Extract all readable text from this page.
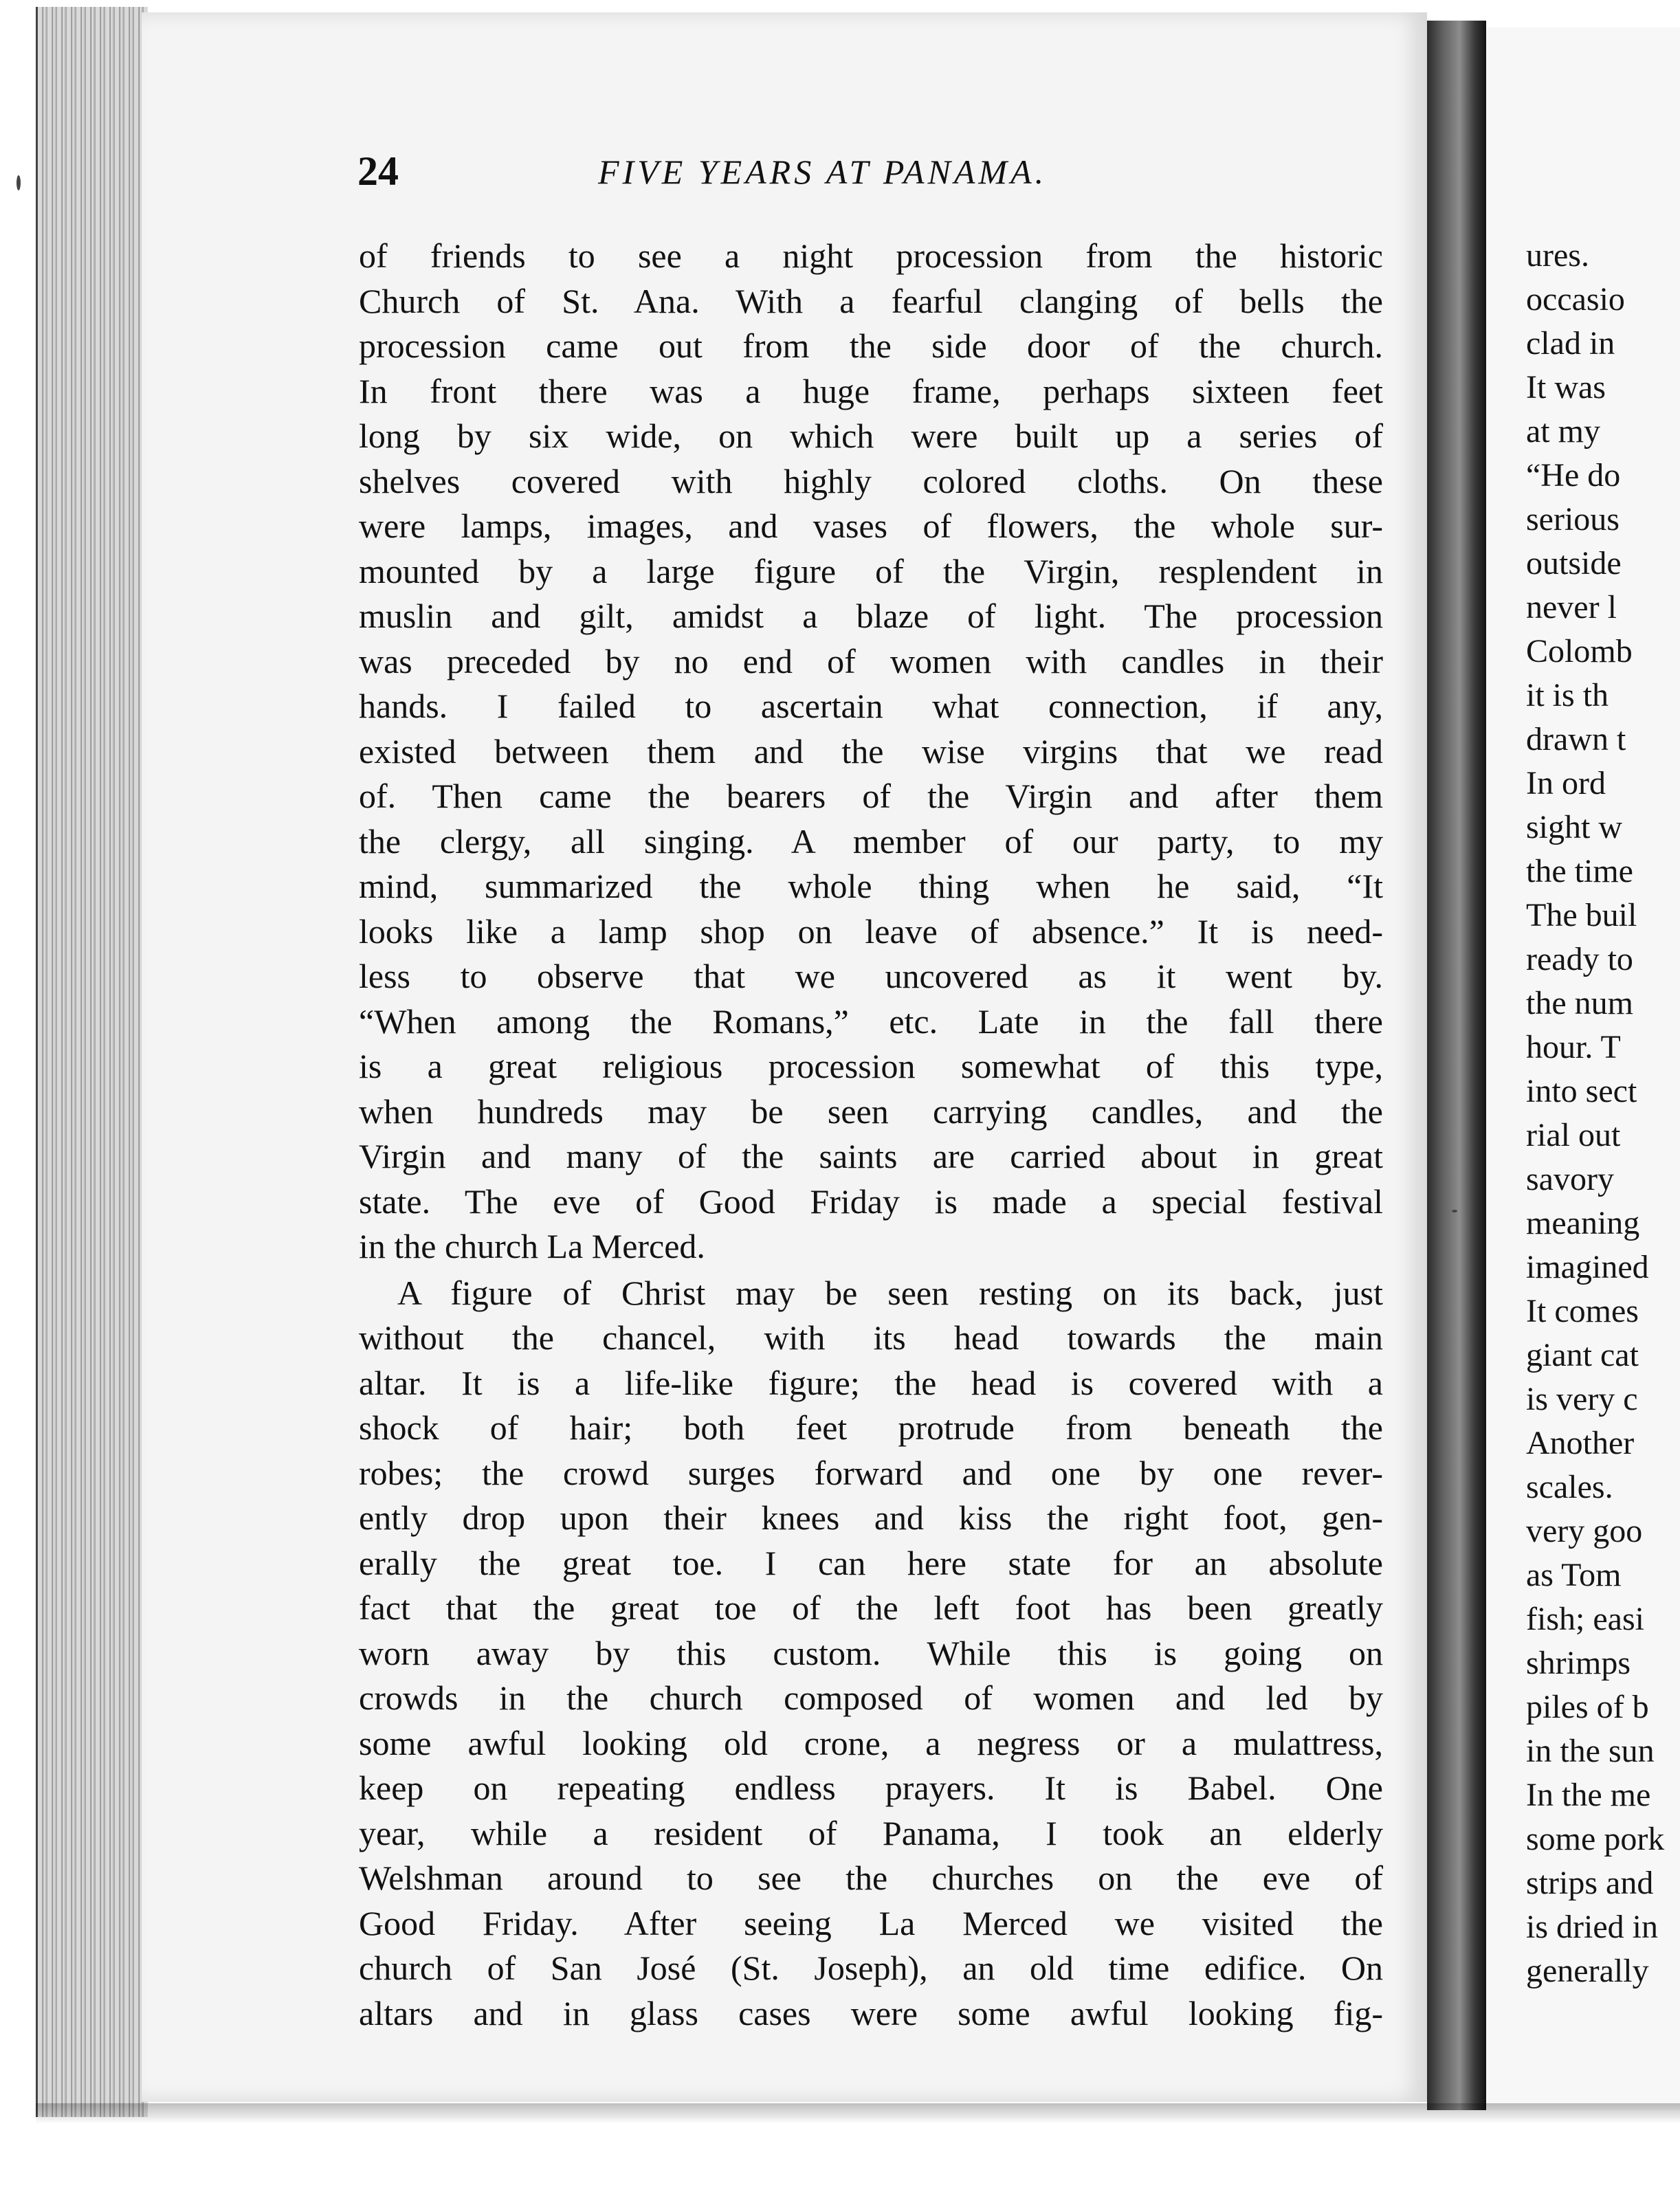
24	FIVE YEARS AT PANAMA.
of friends to see a night procession from the historic
Church of St. Ana. With a fearful clanging of bells the
procession came out from the side door of the church.
In front there was a huge frame, perhaps sixteen feet
long by six wide, on which were built up a series of
shelves covered with highly colored cloths. On these
were lamps, images, and vases of flowers, the whole sur-
mounted by a large figure of the Virgin, resplendent in
muslin and gilt, amidst a blaze of light. The procession
was preceded by no end of women with candles in their
hands. I failed to ascertain what connection, if any,
existed between them and the wise virgins that we read
of. Then came the bearers of the Virgin and after them
the clergy, all singing. A member of our party, to my
mind, summarized the whole thing when he said, “It
looks like a lamp shop on leave of absence.” It is need-
less to observe that we uncovered as it went by.
“When among the Romans,” etc. Late in the fall there
is a great religious procession somewhat of this type,
when hundreds may be seen carrying candles, and the
Virgin and many of the saints are carried about in great
state. The eve of Good Friday is made a special festival
in the church La Merced.
A figure of Christ may be seen resting on its back, just
without the chancel, with its head towards the main
altar. It is a life-like figure; the head is covered with a
shock of hair; both feet protrude from beneath the
robes; the crowd surges forward and one by one rever-
ently drop upon their knees and kiss the right foot, gen-
erally the great toe. I can here state for an absolute
fact that the great toe of the left foot has been greatly
worn away by this custom. While this is going on
crowds in the church composed of women and led by
some awful looking old crone, a negress or a mulattress,
keep on repeating endless prayers. It is Babel. One
year, while a resident of Panama, I took an elderly
Welshman around to see the churches on the eve of
Good Friday. After seeing La Merced we visited the
church of San José (St. Joseph), an old time edifice. On
altars and in glass cases were some awful looking fig-
ures.
occasio
clad in
It was
at my
“He do
serious
outside
never l
Colomb
it is th
drawn t
In ord
sight w
the time
The buil
ready to
the num
hour. T
into sect
rial out
savory
meaning
imagined
It comes
giant cat
is very c
Another
scales.
very goo
as Tom
fish; easi
shrimps
piles of b
in the sun
In the me
some pork
strips and
is dried in
generally
